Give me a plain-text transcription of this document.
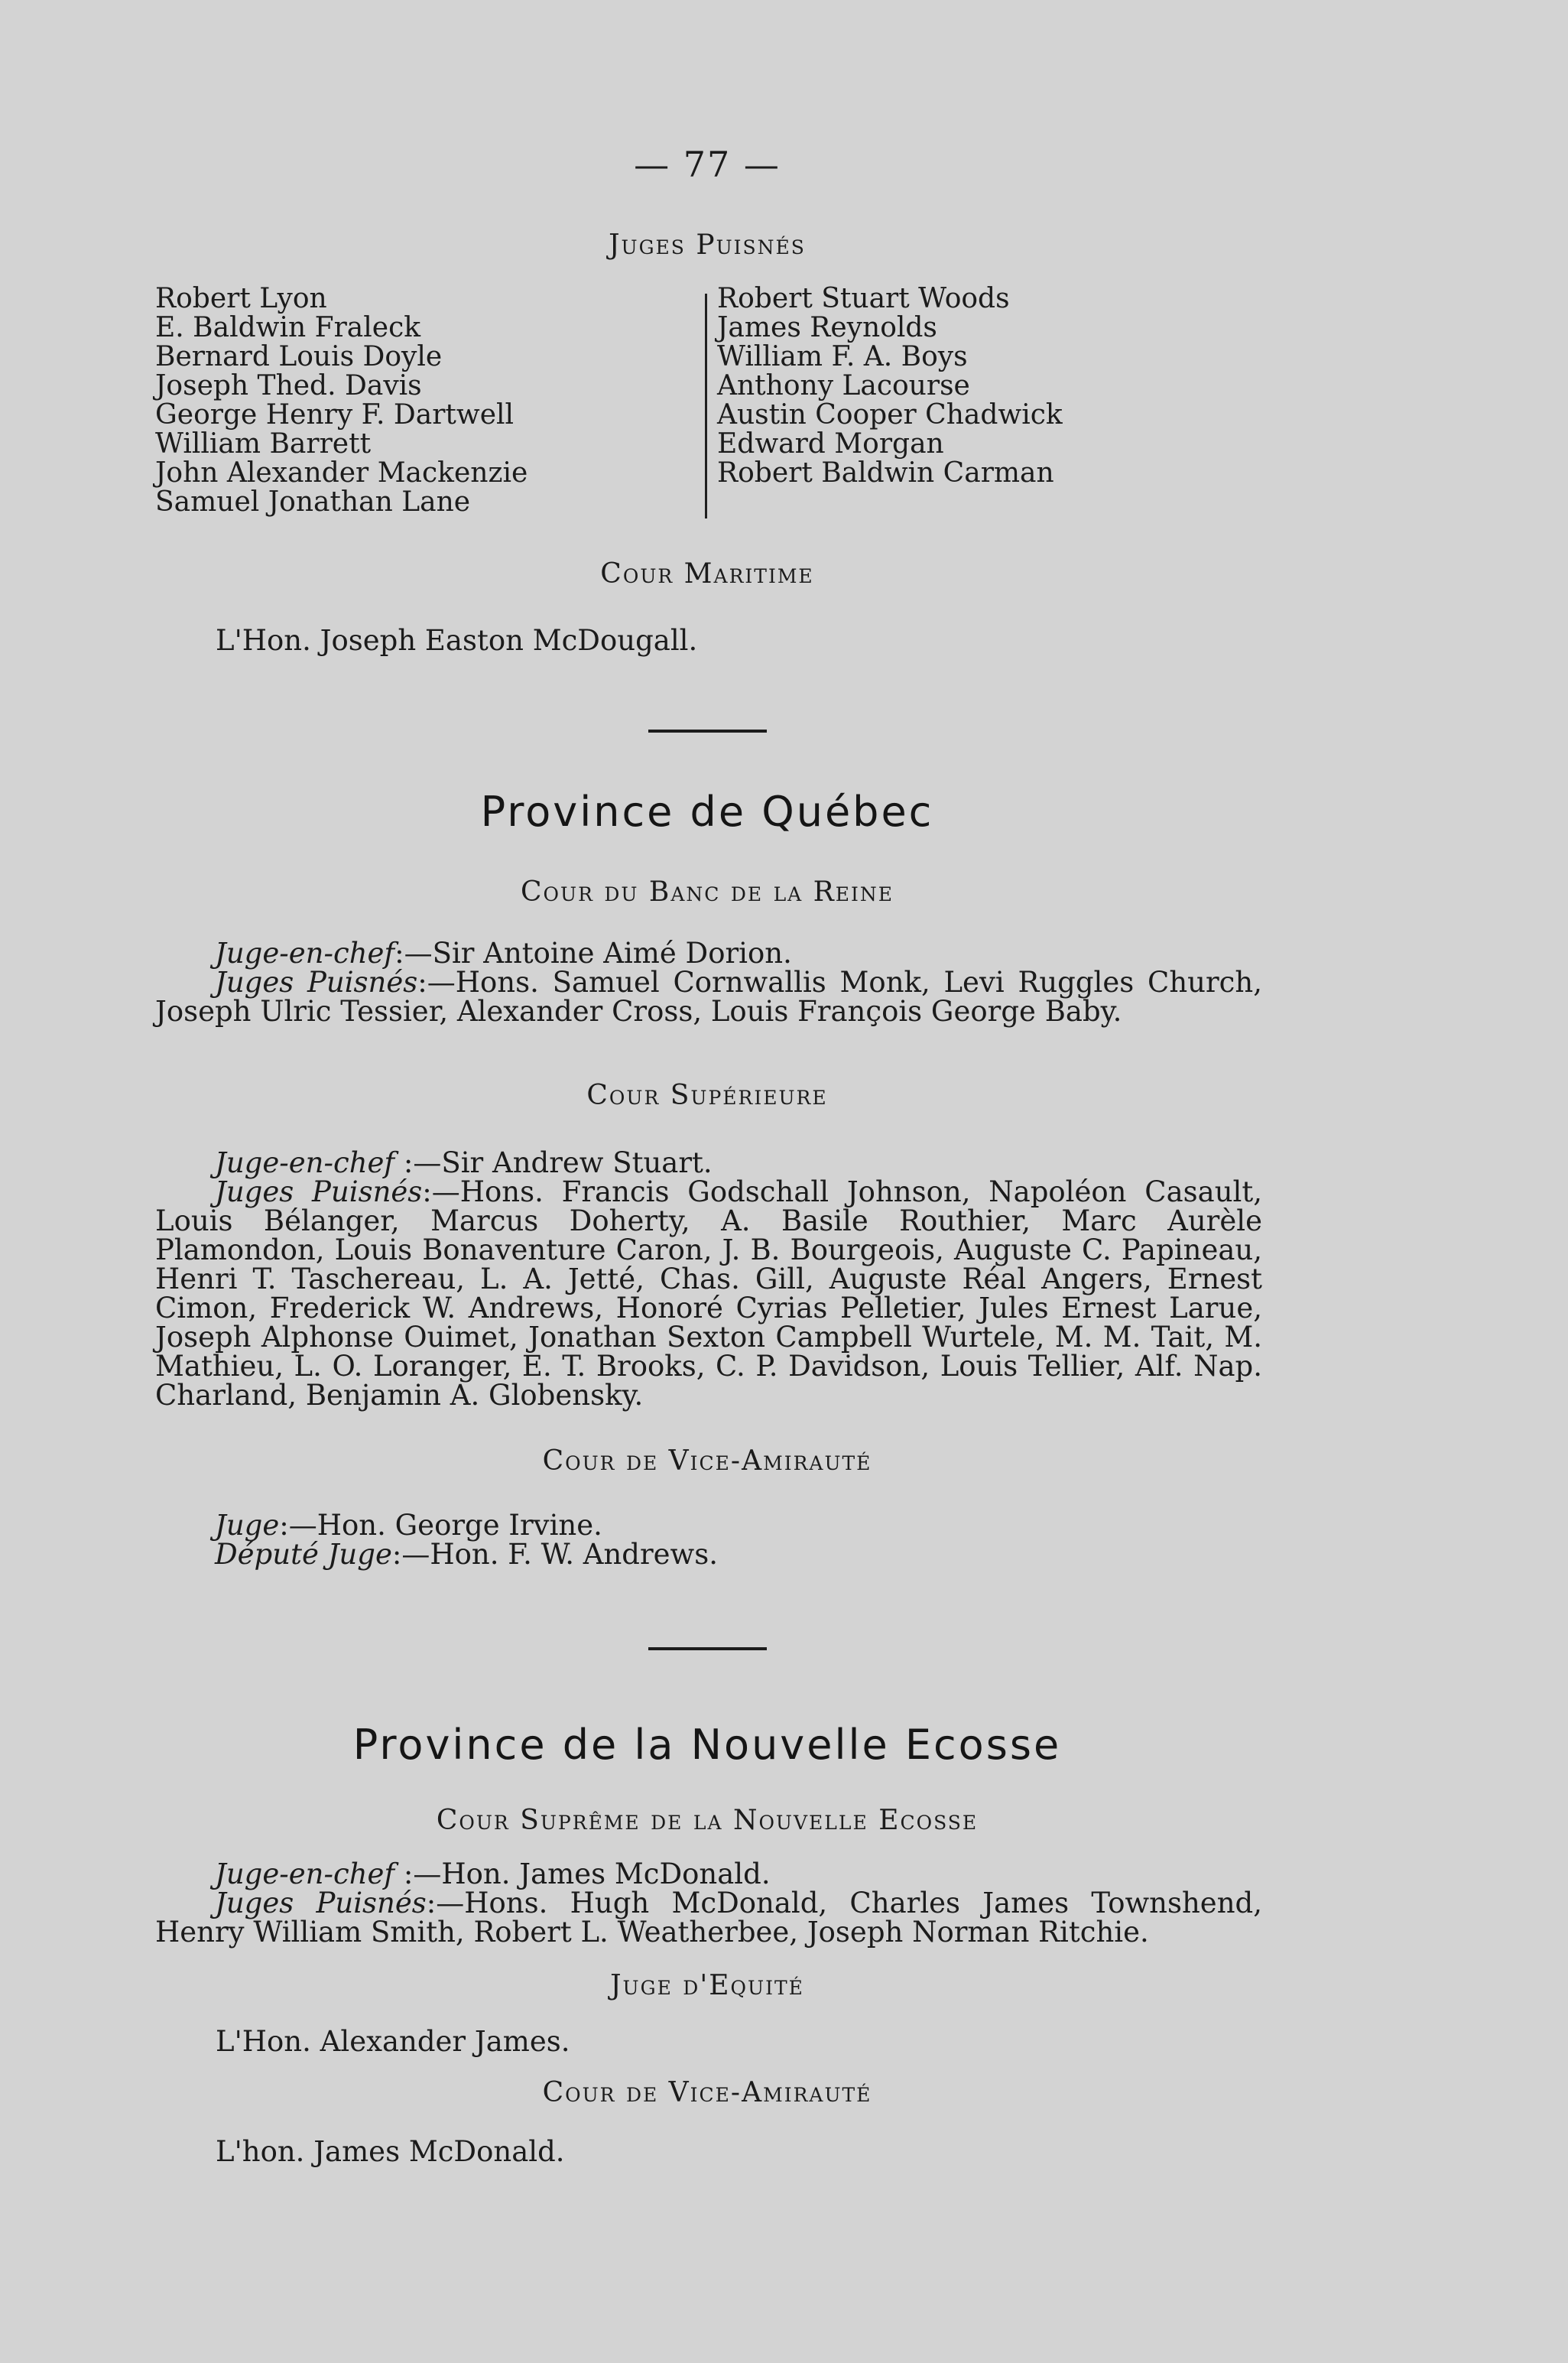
— 77 —
Juges Puisnés
Robert Lyon
E. Baldwin Fraleck
Bernard Louis Doyle
Joseph Thed. Davis
George Henry F. Dartwell
William Barrett
John Alexander Mackenzie
Samuel Jonathan Lane
Robert Stuart Woods
James Reynolds
William F. A. Boys
Anthony Lacourse
Austin Cooper Chadwick
Edward Morgan
Robert Baldwin Carman
Cour Maritime
L'Hon. Joseph Easton McDougall.
Province de Québec
Cour du Banc de la Reine
Juge-en-chef:—Sir Antoine Aimé Dorion.
Juges Puisnés:—Hons. Samuel Cornwallis Monk, Levi Ruggles Church, Joseph Ulric Tessier, Alexander Cross, Louis François George Baby.
Cour Supérieure
Juge-en-chef :—Sir Andrew Stuart.
Juges Puisnés:—Hons. Francis Godschall Johnson, Napoléon Casault, Louis Bélanger, Marcus Doherty, A. Basile Routhier, Marc Aurèle Plamondon, Louis Bonaventure Caron, J. B. Bourgeois, Auguste C. Papineau, Henri T. Taschereau, L. A. Jetté, Chas. Gill, Auguste Réal Angers, Ernest Cimon, Frederick W. Andrews, Honoré Cyrias Pelletier, Jules Ernest Larue, Joseph Alphonse Ouimet, Jonathan Sexton Campbell Wurtele, M. M. Tait, M. Mathieu, L. O. Loranger, E. T. Brooks, C. P. Davidson, Louis Tellier, Alf. Nap. Charland, Benjamin A. Globensky.
Cour de Vice-Amirauté
Juge:—Hon. George Irvine.
Député Juge:—Hon. F. W. Andrews.
Province de la Nouvelle Ecosse
Cour Suprême de la Nouvelle Ecosse
Juge-en-chef :—Hon. James McDonald.
Juges Puisnés:—Hons. Hugh McDonald, Charles James Townshend, Henry William Smith, Robert L. Weatherbee, Joseph Norman Ritchie.
Juge d'Equité
L'Hon. Alexander James.
Cour de Vice-Amirauté
L'hon. James McDonald.
